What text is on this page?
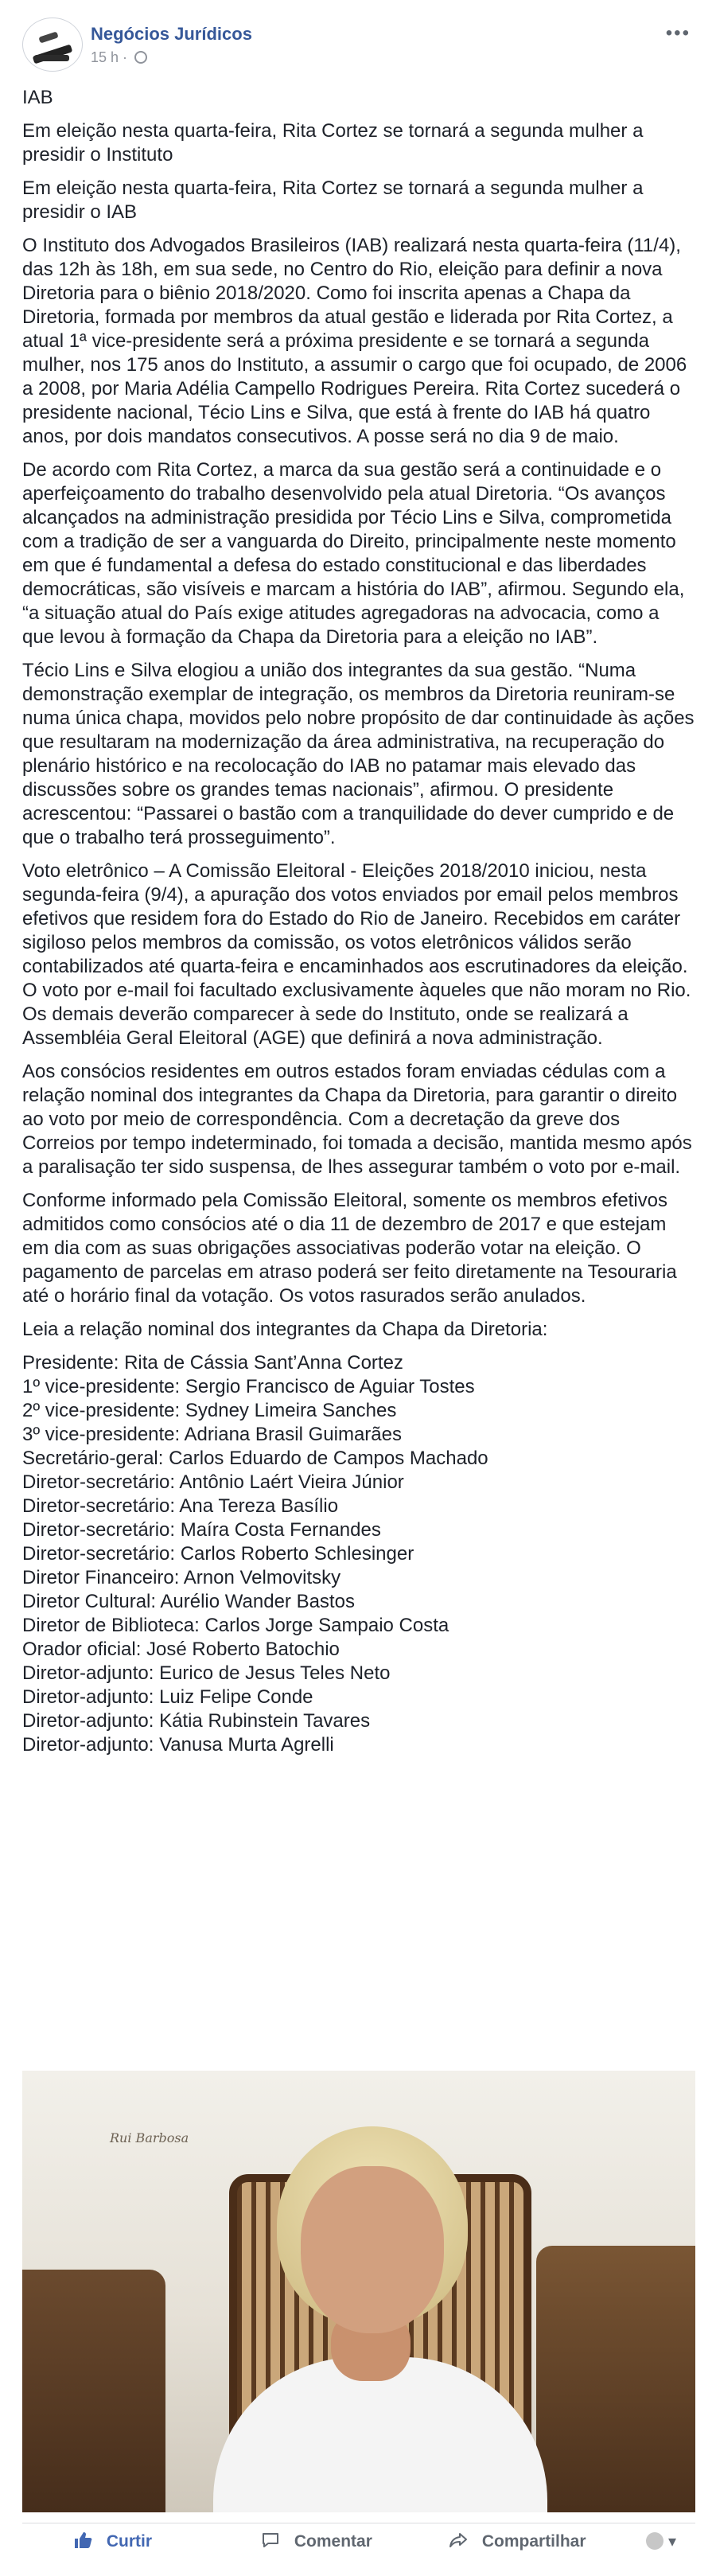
Negócios Jurídicos
15 h ·
•••

IAB

Em eleição nesta quarta-feira, Rita Cortez se tornará a segunda mulher a presidir o Instituto

Em eleição nesta quarta-feira, Rita Cortez se tornará a segunda mulher a presidir o IAB

O Instituto dos Advogados Brasileiros (IAB) realizará nesta quarta-feira (11/4), das 12h às 18h, em sua sede, no Centro do Rio, eleição para definir a nova Diretoria para o biênio 2018/2020. Como foi inscrita apenas a Chapa da Diretoria, formada por membros da atual gestão e liderada por Rita Cortez, a atual 1ª vice-presidente será a próxima presidente e se tornará a segunda mulher, nos 175 anos do Instituto, a assumir o cargo que foi ocupado, de 2006 a 2008, por Maria Adélia Campello Rodrigues Pereira. Rita Cortez sucederá o presidente nacional, Técio Lins e Silva, que está à frente do IAB há quatro anos, por dois mandatos consecutivos. A posse será no dia 9 de maio.

De acordo com Rita Cortez, a marca da sua gestão será a continuidade e o aperfeiçoamento do trabalho desenvolvido pela atual Diretoria. “Os avanços alcançados na administração presidida por Técio Lins e Silva, comprometida com a tradição de ser a vanguarda do Direito, principalmente neste momento em que é fundamental a defesa do estado constitucional e das liberdades democráticas, são visíveis e marcam a história do IAB”, afirmou. Segundo ela, “a situação atual do País exige atitudes agregadoras na advocacia, como a que levou à formação da Chapa da Diretoria para a eleição no IAB”.

Técio Lins e Silva elogiou a união dos integrantes da sua gestão. “Numa demonstração exemplar de integração, os membros da Diretoria reuniram-se numa única chapa, movidos pelo nobre propósito de dar continuidade às ações que resultaram na modernização da área administrativa, na recuperação do plenário histórico e na recolocação do IAB no patamar mais elevado das discussões sobre os grandes temas nacionais”, afirmou. O presidente acrescentou: “Passarei o bastão com a tranquilidade do dever cumprido e de que o trabalho terá prosseguimento”.

Voto eletrônico – A Comissão Eleitoral - Eleições 2018/2010 iniciou, nesta segunda-feira (9/4), a apuração dos votos enviados por email pelos membros efetivos que residem fora do Estado do Rio de Janeiro. Recebidos em caráter sigiloso pelos membros da comissão, os votos eletrônicos válidos serão contabilizados até quarta-feira e encaminhados aos escrutinadores da eleição. O voto por e-mail foi facultado exclusivamente àqueles que não moram no Rio. Os demais deverão comparecer à sede do Instituto, onde se realizará a Assembléia Geral Eleitoral (AGE) que definirá a nova administração.

Aos consócios residentes em outros estados foram enviadas cédulas com a relação nominal dos integrantes da Chapa da Diretoria, para garantir o direito ao voto por meio de correspondência. Com a decretação da greve dos Correios por tempo indeterminado, foi tomada a decisão, mantida mesmo após a paralisação ter sido suspensa, de lhes assegurar também o voto por e-mail.

Conforme informado pela Comissão Eleitoral, somente os membros efetivos admitidos como consócios até o dia 11 de dezembro de 2017 e que estejam em dia com as suas obrigações associativas poderão votar na eleição. O pagamento de parcelas em atraso poderá ser feito diretamente na Tesouraria até o horário final da votação. Os votos rasurados serão anulados.

Leia a relação nominal dos integrantes da Chapa da Diretoria:

Presidente: Rita de Cássia Sant’Anna Cortez
1º vice-presidente: Sergio Francisco de Aguiar Tostes
2º vice-presidente: Sydney Limeira Sanches
3º vice-presidente: Adriana Brasil Guimarães
Secretário-geral: Carlos Eduardo de Campos Machado
Diretor-secretário: Antônio Laért Vieira Júnior
Diretor-secretário: Ana Tereza Basílio
Diretor-secretário: Maíra Costa Fernandes
Diretor-secretário: Carlos Roberto Schlesinger
Diretor Financeiro: Arnon Velmovitsky
Diretor Cultural: Aurélio Wander Bastos
Diretor de Biblioteca: Carlos Jorge Sampaio Costa
Orador oficial: José Roberto Batochio
Diretor-adjunto: Eurico de Jesus Teles Neto
Diretor-adjunto: Luiz Felipe Conde
Diretor-adjunto: Kátia Rubinstein Tavares
Diretor-adjunto: Vanusa Murta Agrelli
Rui Barbosa
Curtir	Comentar	Compartilhar	▾
